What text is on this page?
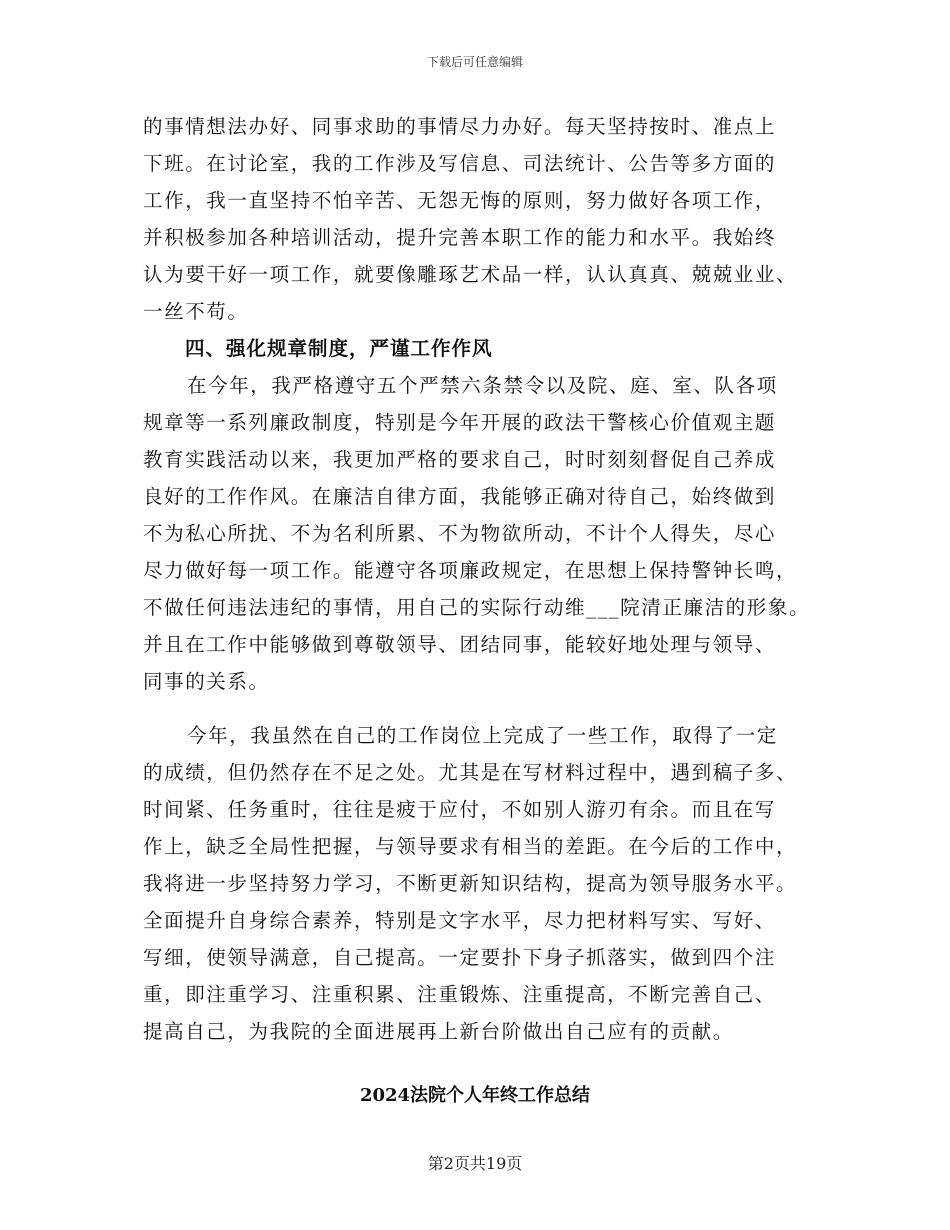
下载后可任意编辑
的事情想法办好、同事求助的事情尽力办好。每天坚持按时、准点上
下班。在讨论室，我的工作涉及写信息、司法统计、公告等多方面的
工作，我一直坚持不怕辛苦、无怨无悔的原则，努力做好各项工作，
并积极参加各种培训活动，提升完善本职工作的能力和水平。我始终
认为要干好一项工作，就要像雕琢艺术品一样，认认真真、兢兢业业、
一丝不苟。
四、强化规章制度，严谨工作作风
在今年，我严格遵守五个严禁六条禁令以及院、庭、室、队各项
规章等一系列廉政制度，特别是今年开展的政法干警核心价值观主题
教育实践活动以来，我更加严格的要求自己，时时刻刻督促自己养成
良好的工作作风。在廉洁自律方面，我能够正确对待自己，始终做到
不为私心所扰、不为名利所累、不为物欲所动，不计个人得失，尽心
尽力做好每一项工作。能遵守各项廉政规定，在思想上保持警钟长鸣，
不做任何违法违纪的事情，用自己的实际行动维___院清正廉洁的形象。
并且在工作中能够做到尊敬领导、团结同事，能较好地处理与领导、
同事的关系。
今年，我虽然在自己的工作岗位上完成了一些工作，取得了一定
的成绩，但仍然存在不足之处。尤其是在写材料过程中，遇到稿子多、
时间紧、任务重时，往往是疲于应付，不如别人游刃有余。而且在写
作上，缺乏全局性把握，与领导要求有相当的差距。在今后的工作中，
我将进一步坚持努力学习，不断更新知识结构，提高为领导服务水平。
全面提升自身综合素养，特别是文字水平，尽力把材料写实、写好、
写细，使领导满意，自己提高。一定要扑下身子抓落实，做到四个注
重，即注重学习、注重积累、注重锻炼、注重提高，不断完善自己、
提高自己，为我院的全面进展再上新台阶做出自己应有的贡献。
2024法院个人年终工作总结
第2页共19页
